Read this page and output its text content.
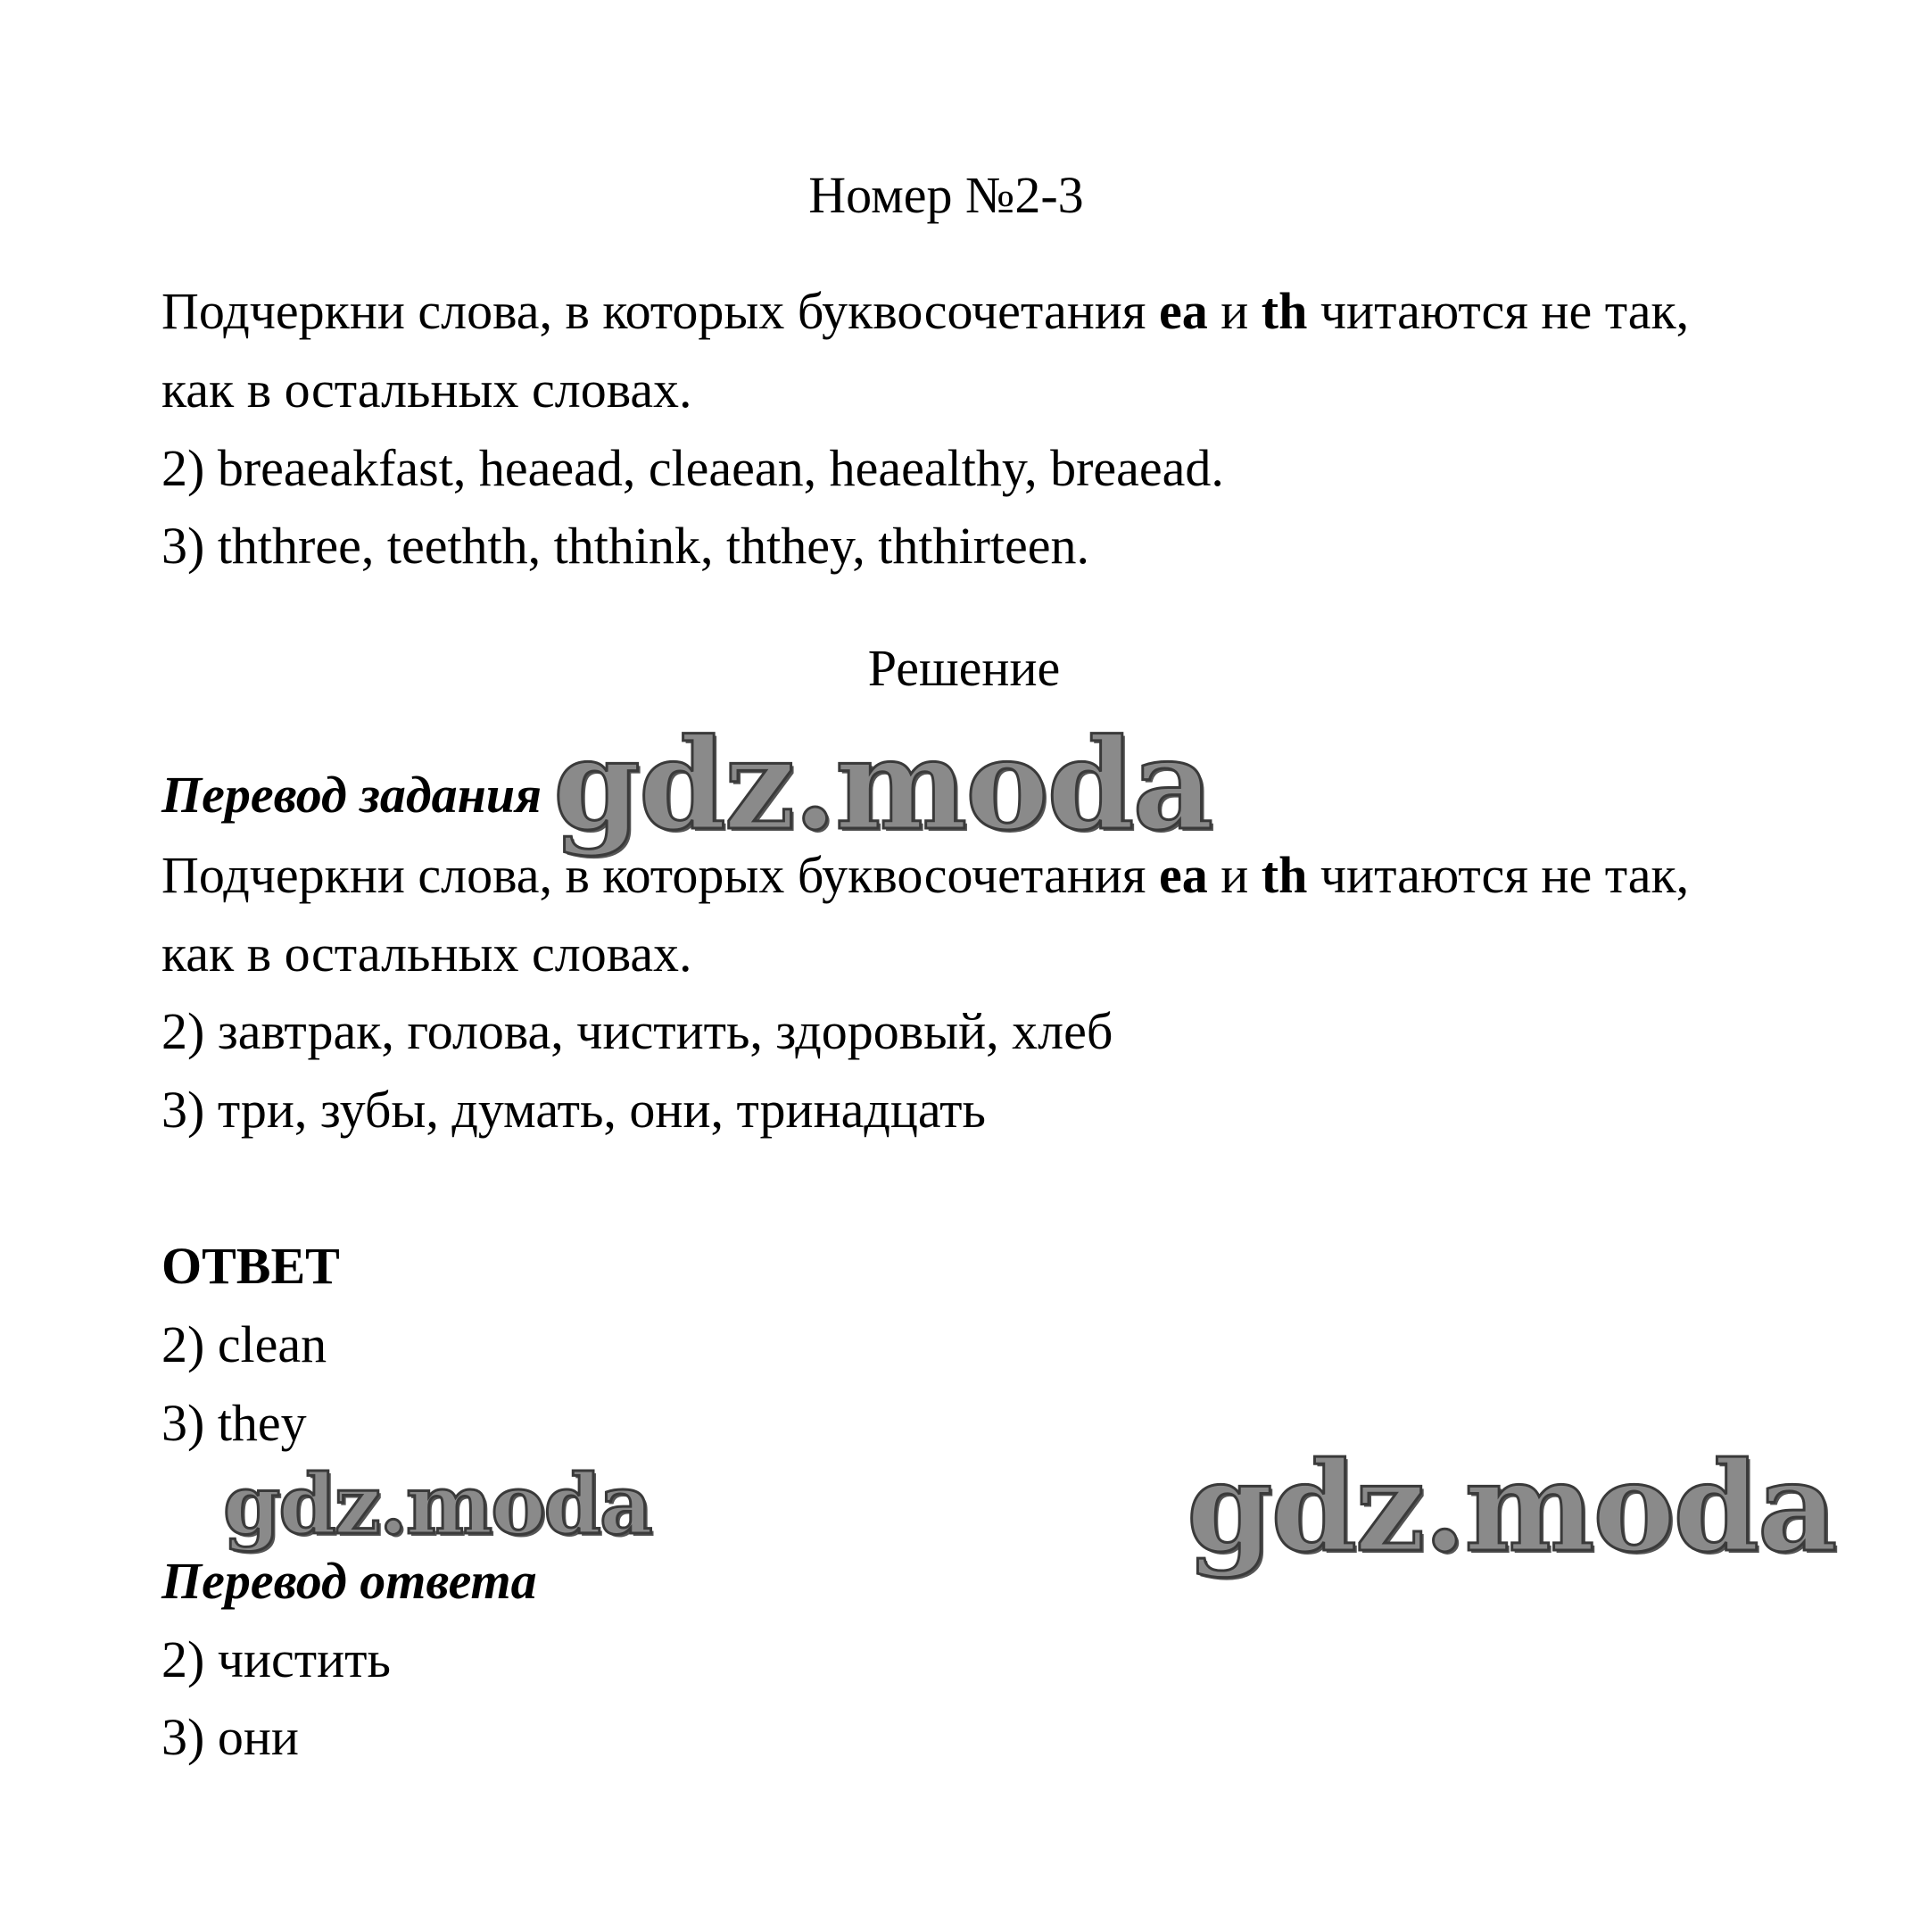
Номер №2-3
Подчеркни слова, в которых буквосочетания ea и th читаются не так,
как в остальных словах.
2) breaeakfast, heaead, cleaean, heaealthy, breaead.
3) ththree, teethth, ththink, ththey, ththirteen.
Решение
Перевод задания gdz.moda
Подчеркни слова, в которых буквосочетания ea и th читаются не так,
как в остальных словах.
2) завтрак, голова, чистить, здоровый, хлеб
3) три, зубы, думать, они, тринадцать
ОТВЕТ
2) clean
3) they
gdz.moda	gdz.moda
Перевод ответа
2) чистить
3) они
